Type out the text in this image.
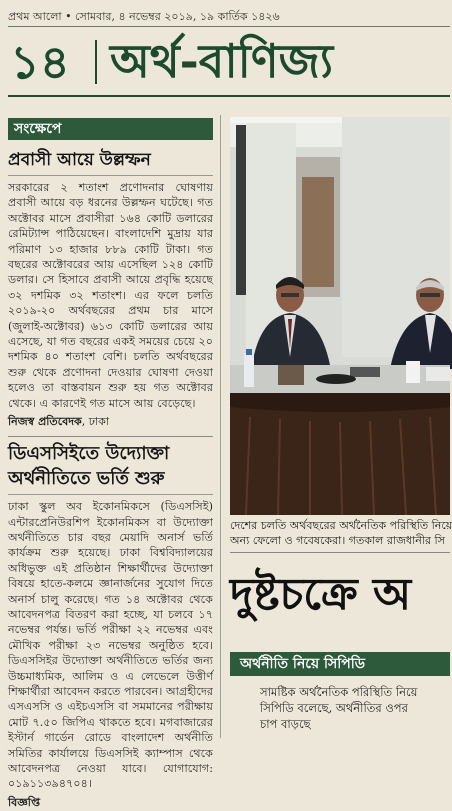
প্রথম আলো • সোমবার, ৪ নভেম্বর ২০১৯, ১৯ কার্তিক ১৪২৬
১৪ অর্থ-বাণিজ্য
সংক্ষেপে
প্রবাসী আয়ে উল্লম্ফন
সরকারের ২ শতাংশ প্রণোদনার ঘোষণায় প্রবাসী আয়ে বড় ধরনের উল্লম্ফন ঘটেছে। গত অক্টোবর মাসে প্রবাসীরা ১৬৪ কোটি ডলারের রেমিট্যান্স পাঠিয়েছেন। বাংলাদেশি মুদ্রায় যার পরিমাণ ১৩ হাজার ৮৮৯ কোটি টাকা। গত বছরের অক্টোবরের আয় এসেছিল ১২৪ কোটি ডলার। সে হিসাবে প্রবাসী আয়ে প্রবৃদ্ধি হয়েছে ৩২ দশমিক ৩২ শতাংশ। এর ফলে চলতি ২০১৯-২০ অর্থবছরের প্রথম চার মাসে (জুলাই-অক্টোবর) ৬১৩ কোটি ডলারের আয় এসেছে, যা গত বছরের একই সময়ের চেয়ে ২০ দশমিক ৪০ শতাংশ বেশি। চলতি অর্থবছরের শুরু থেকে প্রণোদনা দেওয়ার ঘোষণা দেওয়া হলেও তা বাস্তবায়ন শুরু হয় গত অক্টোবর থেকে। এ কারণেই গত মাসে আয় বেড়েছে।
নিজস্ব প্রতিবেদক, ঢাকা
ডিএসসিইতে উদ্যোক্তা
অর্থনীতিতে ভর্তি শুরু
ঢাকা স্কুল অব ইকোনমিকসে (ডিএসসিই) এন্টারপ্রেনিউরশিপ ইকোনমিকস বা উদ্যোক্তা অর্থনীতিতে চার বছর মেয়াদি অনার্স ভর্তি কার্যক্রম শুরু হয়েছে। ঢাকা বিশ্ববিদ্যালয়ের অধিভুক্ত এই প্রতিষ্ঠান শিক্ষার্থীদের উদ্যোক্তা বিষয়ে হাতে-কলমে জ্ঞানার্জনের সুযোগ দিতে অনার্স চালু করেছে। গত ১৪ অক্টোবর থেকে আবেদনপত্র বিতরণ করা হচ্ছে, যা চলবে ১৭ নভেম্বর পর্যন্ত। ভর্তি পরীক্ষা ২২ নভেম্বর এবং মৌখিক পরীক্ষা ২৩ নভেম্বর অনুষ্ঠিত হবে। ডিএসসিইর উদ্যোক্তা অর্থনীতিতে ভর্তির জন্য উচ্চমাধ্যমিক, আলিম ও এ লেভেলে উত্তীর্ণ শিক্ষার্থীরা আবেদন করতে পারবেন। আগ্রহীদের এসএসসি ও এইচএসসি বা সমমানের পরীক্ষায় মোট ৭.৫০ জিপিএ থাকতে হবে। মগবাজারের ইস্টার্ন গার্ডেন রোডে বাংলাদেশ অর্থনীতি সমিতির কার্যালয়ে ডিএসসিই ক্যাম্পাস থেকে আবেদনপত্র নেওয়া যাবে। যোগাযোগ: ০১৯১১৩৯৪৭০৪।
বিজ্ঞপ্তি
দেশের চলতি অর্থবছরের অর্থনৈতিক পরিস্থিতি নিয়ে
অন্য ফেলো ও গবেষকেরা। গতকাল রাজধানীর সি
দুষ্টচক্রে অ
অর্থনীতি নিয়ে সিপিডি
সামষ্টিক অর্থনৈতিক পরিস্থিতি নিয়ে
সিপিডি বলেছে, অর্থনীতির ওপর
চাপ বাড়ছে
